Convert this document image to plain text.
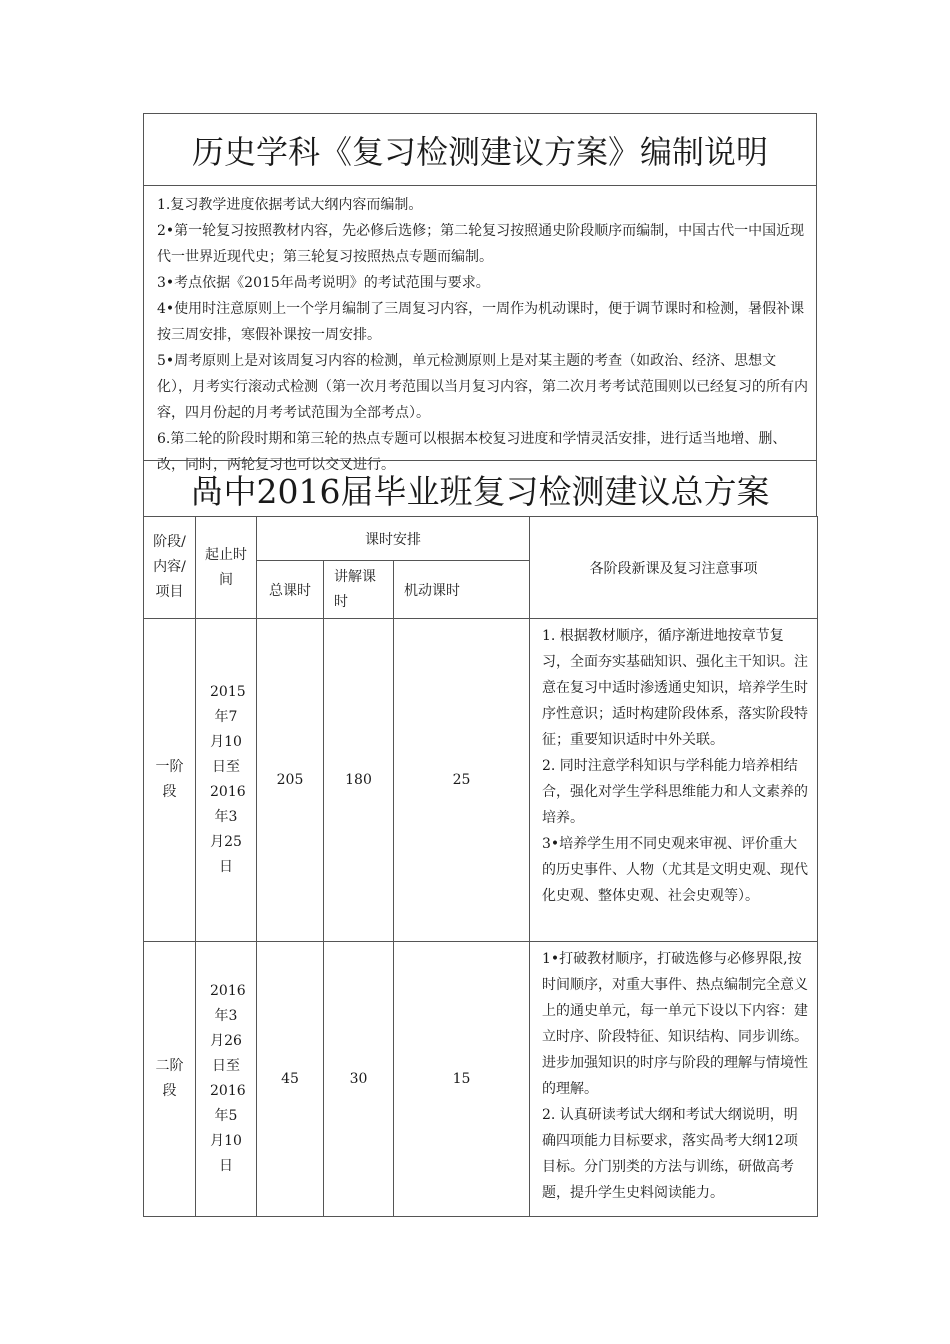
历史学科《复习检测建议方案》编制说明

1.复习教学进度依据考试大纲内容而编制。

2•第一轮复习按照教材内容，先必修后选修；第二轮复习按照通史阶段顺序而编制，中国古代一中国近现代一世界近现代史；第三轮复习按照热点专题而编制。

3•考点依据《2015年咼考说明》的考试范围与要求。

4•使用时注意原则上一个学月编制了三周复习内容，一周作为机动课时，便于调节课时和检测，暑假补课按三周安排，寒假补课按一周安排。

5•周考原则上是对该周复习内容的检测，单元检测原则上是对某主题的考查（如政治、经济、思想文化），月考实行滚动式检测（第一次月考范围以当月复习内容，第二次月考考试范围则以已经复习的所有内容，四月份起的月考考试范围为全部考点）。

6.第二轮的阶段时期和第三轮的热点专题可以根据本校复习进度和学情灵活安排，进行适当地增、删、改，同时，两轮复习也可以交叉进行。

咼中2016届毕业班复习检测建议总方案
阶段/内容/项目	起止时间	课时安排			各阶段新课及复习注意事项
		总课时	讲解课时	机动课时	
一阶段	2015年7月10日至2016年3月25日	205	180	25	1. 根据教材顺序，循序渐进地按章节复习，全面夯实基础知识、强化主干知识。注意在复习中适时渗透通史知识，培养学生时序性意识；适时构建阶段体系，落实阶段特征；重要知识适时中外关联。

2. 同时注意学科知识与学科能力培养相结合，强化对学生学科思维能力和人文素养的培养。

3•培养学生用不同史观来审视、评价重大的历史事件、人物（尤其是文明史观、现代化史观、整体史观、社会史观等）。

二阶段	2016年3月26日至2016年5月10日	45	30	15	1•打破教材顺序，打破选修与必修界限,按时间顺序，对重大事件、热点编制完全意义上的通史单元，每一单元下设以下内容：建立时序、阶段特征、知识结构、同步训练。进步加强知识的时序与阶段的理解与情境性的理解。

2. 认真研读考试大纲和考试大纲说明，明确四项能力目标要求，落实咼考大纲12项目标。分门别类的方法与训练，研做高考题，提升学生史料阅读能力。
